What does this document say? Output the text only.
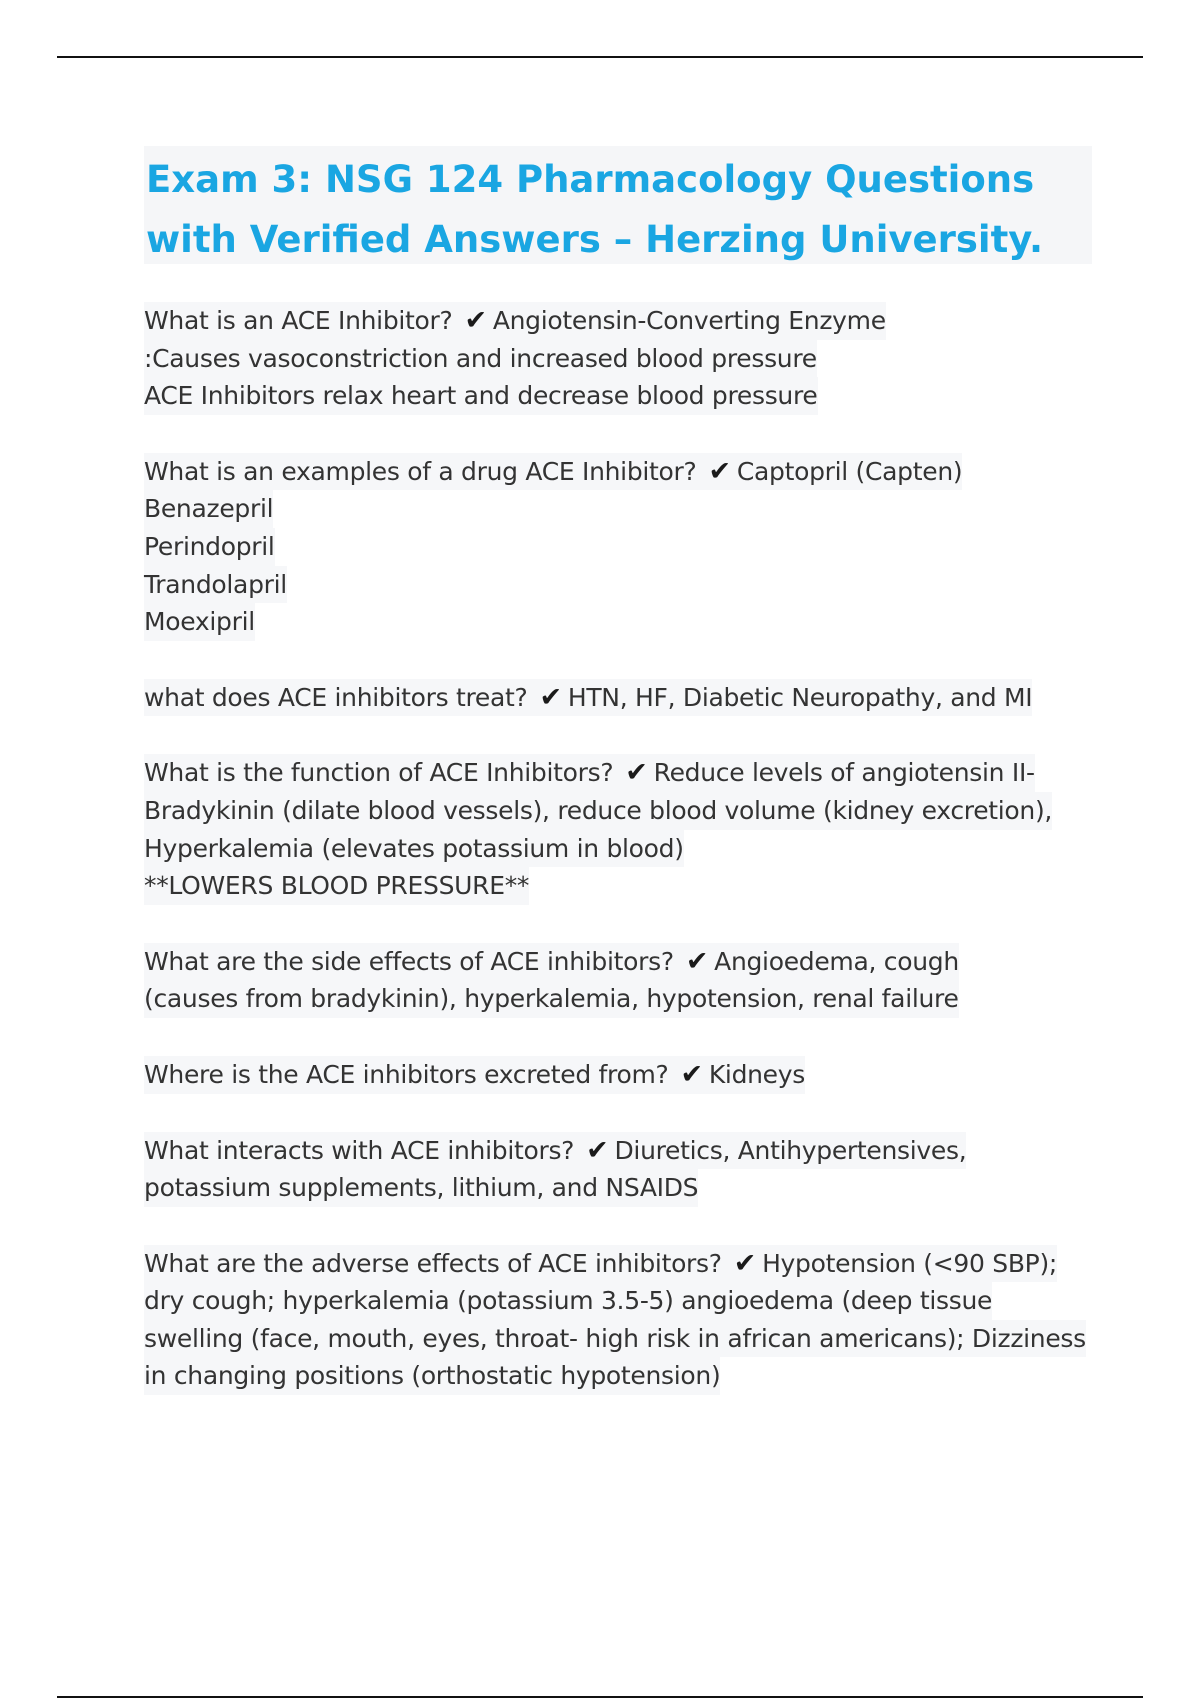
Exam 3: NSG 124 Pharmacology Questions
with Verified Answers – Herzing University.
What is an ACE Inhibitor? ✔ Angiotensin-Converting Enzyme
:Causes vasoconstriction and increased blood pressure
ACE Inhibitors relax heart and decrease blood pressure
What is an examples of a drug ACE Inhibitor? ✔ Captopril (Capten)
Benazepril
Perindopril
Trandolapril
Moexipril
what does ACE inhibitors treat? ✔ HTN, HF, Diabetic Neuropathy, and MI
What is the function of ACE Inhibitors? ✔ Reduce levels of angiotensin II-
Bradykinin (dilate blood vessels), reduce blood volume (kidney excretion),
Hyperkalemia (elevates potassium in blood)
**LOWERS BLOOD PRESSURE**
What are the side effects of ACE inhibitors? ✔ Angioedema, cough
(causes from bradykinin), hyperkalemia, hypotension, renal failure
Where is the ACE inhibitors excreted from? ✔ Kidneys
What interacts with ACE inhibitors? ✔ Diuretics, Antihypertensives,
potassium supplements, lithium, and NSAIDS
What are the adverse effects of ACE inhibitors? ✔ Hypotension (<90 SBP);
dry cough; hyperkalemia (potassium 3.5-5) angioedema (deep tissue
swelling (face, mouth, eyes, throat- high risk in african americans); Dizziness
in changing positions (orthostatic hypotension)
